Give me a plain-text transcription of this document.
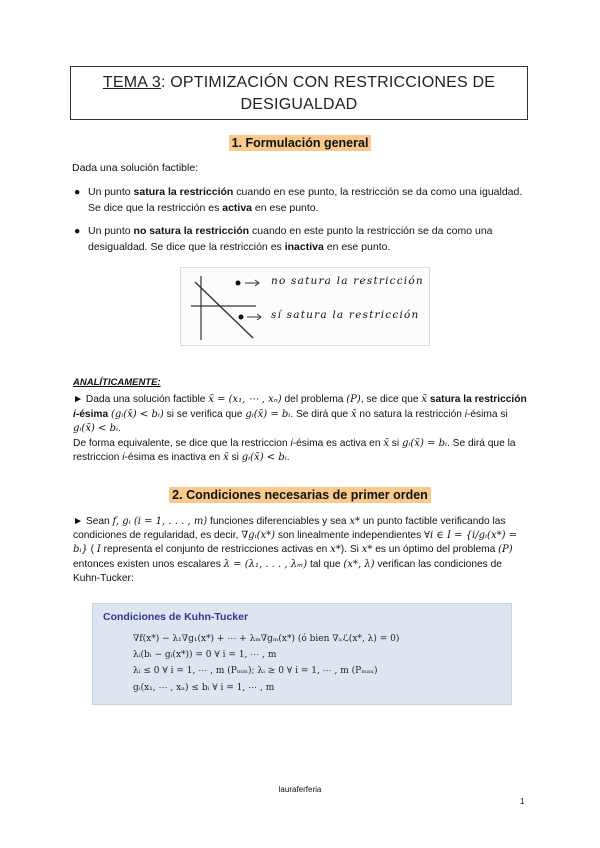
TEMA 3: OPTIMIZACIÓN CON RESTRICCIONES DE
DESIGUALDAD
1. Formulación general
Dada una solución factible:
● Un punto satura la restricción cuando en ese punto, la restricción se da como una igualdad. Se dice que la restricción es activa en ese punto.
● Un punto no satura la restricción cuando en este punto la restricción se da como una desigualdad. Se dice que la restricción es inactiva en ese punto.
no satura la restricción
sí satura la restricción
ANALÍTICAMENTE:
► Dada una solución factible x̄ = (x₁, ⋯ , xₙ) del problema (P), se dice que x̄ satura la restricción i-ésima (gᵢ(x̄) < bᵢ) si se verifica que gᵢ(x̄) = bᵢ. Se dirá que x̄ no satura la restricción i-ésima si gᵢ(x̄) < bᵢ.
De forma equivalente, se dice que la restriccion i-ésima es activa en x̄ si gᵢ(x̄) = bᵢ. Se dirá que la restriccion i-ésima es inactiva en x̄ si gᵢ(x̄) < bᵢ.
2. Condiciones necesarias de primer orden
► Sean f, gᵢ (i = 1, . . . , m) funciones diferenciables y sea x* un punto factible verificando las condiciones de regularidad, es decir, ∇gᵢ(x*) son linealmente independientes ∀i ∈ I = {i/gᵢ(x*) = bᵢ} ( I representa el conjunto de restricciones activas en x*). Si x* es un óptimo del problema (P) entonces existen unos escalares λ = (λ₁, . . . , λₘ) tal que (x*, λ) verifican las condiciones de Kuhn-Tucker:
Condiciones de Kuhn-Tucker
∇f(x*) − λ₁∇g₁(x*) + ⋯ + λₘ∇gₘ(x*) (ó bien ∇ₓℒ(x*, λ) = 0)
λᵢ(bᵢ − gᵢ(x*)) = 0 ∀ i = 1, ⋯ , m
λᵢ ≤ 0 ∀ i = 1, ⋯ , m (Pₘᵢₙ); λᵢ ≥ 0 ∀ i = 1, ⋯ , m (Pₘₐₓ)
gᵢ(x₁, ⋯ , xₙ) ≤ bᵢ ∀ i = 1, ⋯ , m
lauraferferia
1
